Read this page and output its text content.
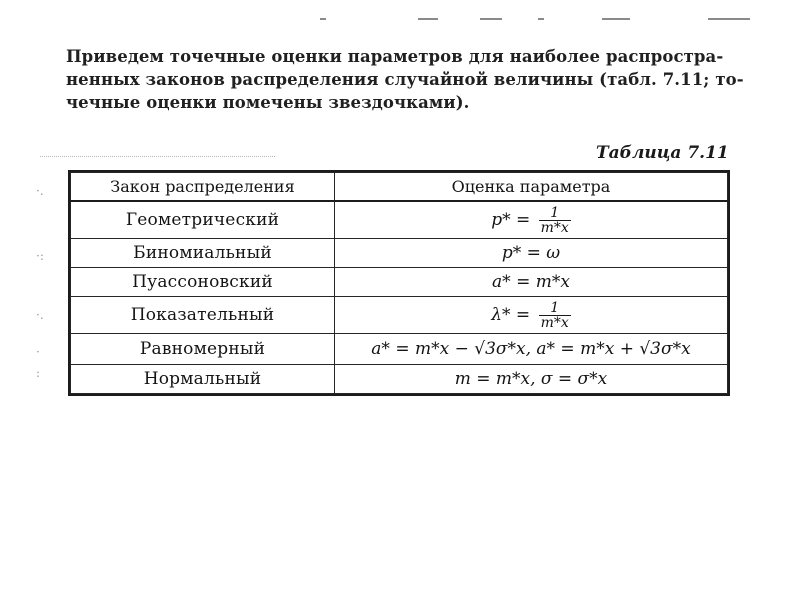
Приведем точечные оценки параметров для наиболее распростра-
ненных законов распределения случайной величины (табл. 7.11; то-
чечные оценки помечены звездочками).
Таблица 7.11
·.
·:
·.
·
:
Закон распределения	Оценка параметра
Геометрический	$p* = \frac{1}{m*x}$

Биномиальный	p* = ω
Пуассоновский	a* = m*x
Показательный	$\lambda* = \frac{1}{m*x}$

Равномерный	a* = m*x − √3σ*x, a* = m*x + √3σ*x
Нормальный	m = m*x, σ = σ*x
